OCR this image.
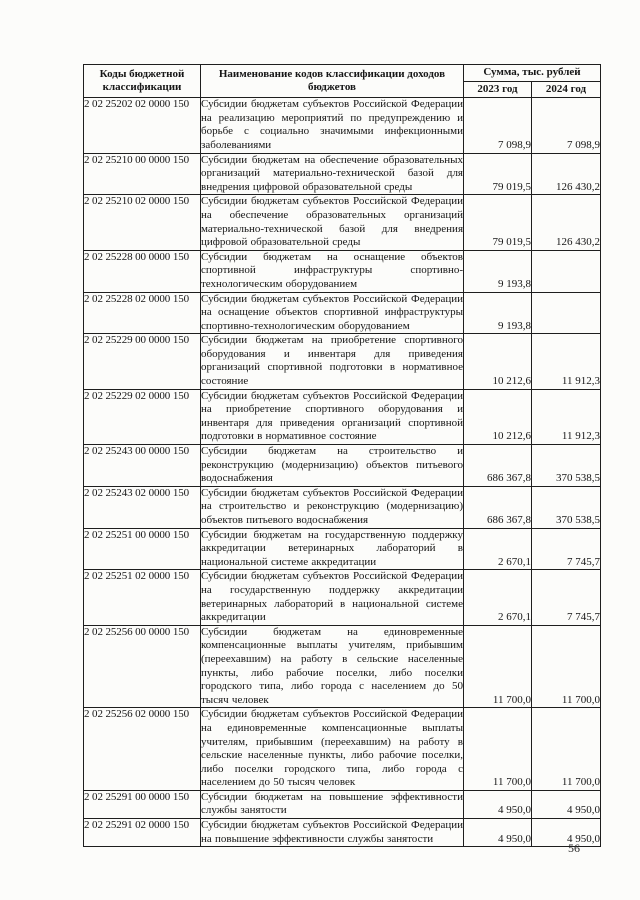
Коды бюджетной классификации	Наименование кодов классификации доходов бюджетов	Сумма, тыс. рублей	
		2023 год	2024 год
2 02 25202 02 0000 150	Субсидии бюджетам субъектов Российской Федерации на реализацию мероприятий по предупреждению и борьбе с социально значимыми инфекционными заболеваниями	7 098,9	7 098,9
2 02 25210 00 0000 150	Субсидии бюджетам на обеспечение образовательных организаций материально-технической базой для внедрения цифровой образовательной среды	79 019,5	126 430,2
2 02 25210 02 0000 150	Субсидии бюджетам субъектов Российской Федерации на обеспечение образовательных организаций материально-технической базой для внедрения цифровой образовательной среды	79 019,5	126 430,2
2 02 25228 00 0000 150	Субсидии бюджетам на оснащение объектов спортивной инфраструктуры спортивно-технологическим оборудованием	9 193,8	
2 02 25228 02 0000 150	Субсидии бюджетам субъектов Российской Федерации на оснащение объектов спортивной инфраструктуры спортивно-технологическим оборудованием	9 193,8	
2 02 25229 00 0000 150	Субсидии бюджетам на приобретение спортивного оборудования и инвентаря для приведения организаций спортивной подготовки в нормативное состояние	10 212,6	11 912,3
2 02 25229 02 0000 150	Субсидии бюджетам субъектов Российской Федерации на приобретение спортивного оборудования и инвентаря для приведения организаций спортивной подготовки в нормативное состояние	10 212,6	11 912,3
2 02 25243 00 0000 150	Субсидии бюджетам на строительство и реконструкцию (модернизацию) объектов питьевого водоснабжения	686 367,8	370 538,5
2 02 25243 02 0000 150	Субсидии бюджетам субъектов Российской Федерации на строительство и реконструкцию (модернизацию) объектов питьевого водоснабжения	686 367,8	370 538,5
2 02 25251 00 0000 150	Субсидии бюджетам на государственную поддержку аккредитации ветеринарных лабораторий в национальной системе аккредитации	2 670,1	7 745,7
2 02 25251 02 0000 150	Субсидии бюджетам субъектов Российской Федерации на государственную поддержку аккредитации ветеринарных лабораторий в национальной системе аккредитации	2 670,1	7 745,7
2 02 25256 00 0000 150	Субсидии бюджетам на единовременные компенсационные выплаты учителям, прибывшим (переехавшим) на работу в сельские населенные пункты, либо рабочие поселки, либо поселки городского типа, либо города с населением до 50 тысяч человек	11 700,0	11 700,0
2 02 25256 02 0000 150	Субсидии бюджетам субъектов Российской Федерации на единовременные компенсационные выплаты учителям, прибывшим (переехавшим) на работу в сельские населенные пункты, либо рабочие поселки, либо поселки городского типа, либо города с населением до 50 тысяч человек	11 700,0	11 700,0
2 02 25291 00 0000 150	Субсидии бюджетам на повышение эффективности службы занятости	4 950,0	4 950,0
2 02 25291 02 0000 150	Субсидии бюджетам субъектов Российской Федерации на повышение эффективности службы занятости	4 950,0	4 950,0
56
